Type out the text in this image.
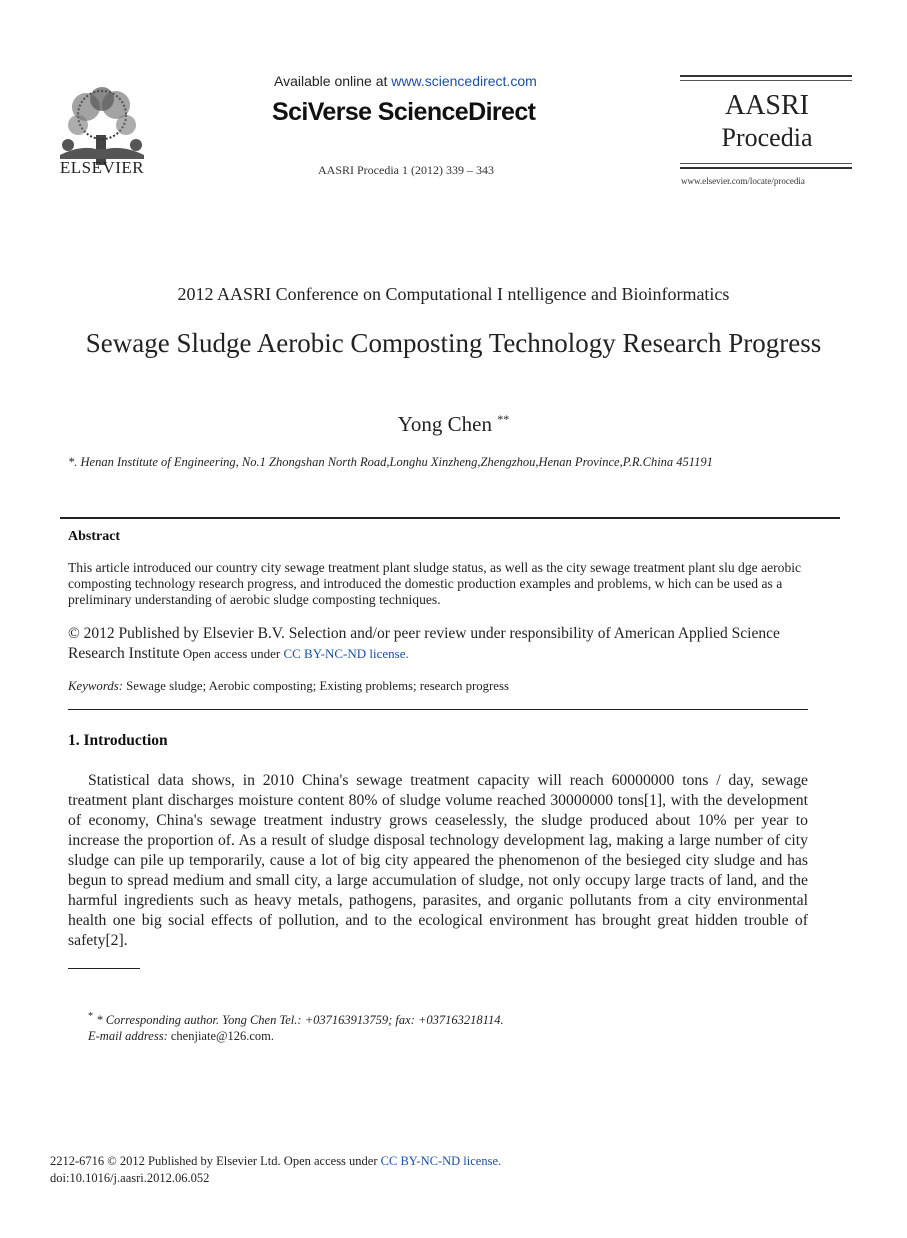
ELSEVIER
Available online at www.sciencedirect.com
SciVerse ScienceDirect
AASRI Procedia 1 (2012) 339 – 343
AASRI
Procedia
www.elsevier.com/locate/procedia
2012 AASRI Conference on Computational I ntelligence and Bioinformatics
Sewage Sludge Aerobic Composting Technology Research Progress
Yong Chen **
*. Henan Institute of Engineering, No.1 Zhongshan North Road,Longhu Xinzheng,Zhengzhou,Henan Province,P.R.China 451191
Abstract
This article introduced our country city sewage treatment plant sludge status, as well as the city sewage treatment plant slu dge aerobic composting technology research progress, and introduced the domestic production examples and problems, w hich can be used as a preliminary understanding of aerobic sludge composting techniques.
© 2012 Published by Elsevier B.V. Selection and/or peer review under responsibility of American Applied Science Research Institute Open access under CC BY-NC-ND license.
Keywords: Sewage sludge; Aerobic composting; Existing problems; research progress
1. Introduction
Statistical data shows, in 2010 China's sewage treatment capacity will reach 60000000 tons / day, sewage treatment plant discharges moisture content 80% of sludge volume reached 30000000 tons[1], with the development of economy, China's sewage treatment industry grows ceaselessly, the sludge produced about 10% per year to increase the proportion of. As a result of sludge disposal technology development lag, making a large number of city sludge can pile up temporarily, cause a lot of big city appeared the phenomenon of the besieged city sludge and has begun to spread medium and small city, a large accumulation of sludge, not only occupy large tracts of land, and the harmful ingredients such as heavy metals, pathogens, parasites, and organic pollutants from a city environmental health one big social effects of pollution, and to the ecological environment has brought great hidden trouble of safety[2].
* * Corresponding author. Yong Chen Tel.: +037163913759; fax: +037163218114.
E-mail address: chenjiate@126.com.
2212-6716 © 2012 Published by Elsevier Ltd. Open access under CC BY-NC-ND license.
doi:10.1016/j.aasri.2012.06.052
